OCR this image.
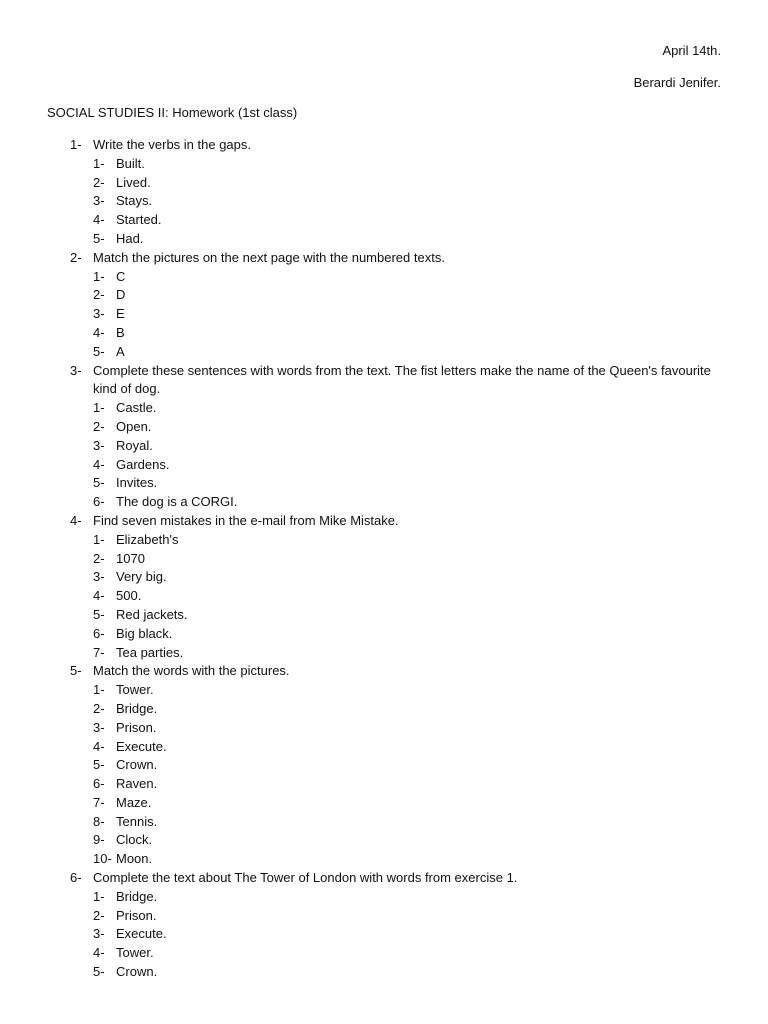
April 14th.
Berardi Jenifer.
SOCIAL STUDIES II: Homework (1st class)
1- Write the verbs in the gaps.
1- Built.
2- Lived.
3- Stays.
4- Started.
5- Had.
2- Match the pictures on the next page with the numbered texts.
1- C
2- D
3- E
4- B
5- A
3- Complete these sentences with words from the text. The fist letters make the name of the Queen's favourite kind of dog.
1- Castle.
2- Open.
3- Royal.
4- Gardens.
5- Invites.
6- The dog is a CORGI.
4- Find seven mistakes in the e-mail from Mike Mistake.
1- Elizabeth's
2- 1070
3- Very big.
4- 500.
5- Red jackets.
6- Big black.
7- Tea parties.
5- Match the words with the pictures.
1- Tower.
2- Bridge.
3- Prison.
4- Execute.
5- Crown.
6- Raven.
7- Maze.
8- Tennis.
9- Clock.
10- Moon.
6- Complete the text about The Tower of London with words from exercise 1.
1- Bridge.
2- Prison.
3- Execute.
4- Tower.
5- Crown.
